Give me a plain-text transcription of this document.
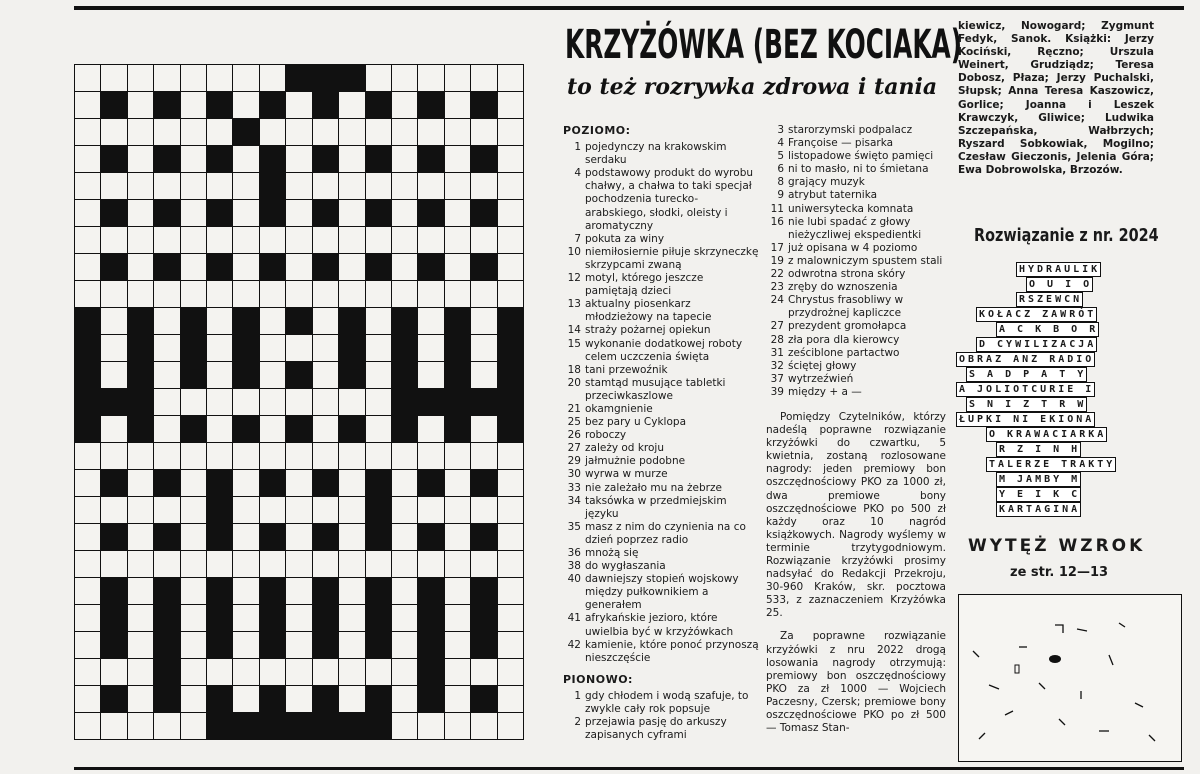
KRZYŻÓWKA (BEZ KOCIAKA)
to też rozrywka zdrowa i tania
POZIOMO:
1 pojedynczy na krakowskim serdaku
4 podstawowy produkt do wyrobu chałwy, a chałwa to taki specjał pochodzenia turecko-arabskiego, słodki, oleisty i aromatyczny
7 pokuta za winy
10 niemiłosiernie piłuje skrzyneczkę skrzypcami zwaną
12 motyl, którego jeszcze pamiętają dzieci
13 aktualny piosenkarz młodzieżowy na tapecie
14 straży pożarnej opiekun
15 wykonanie dodatkowej roboty celem uczczenia święta
18 tani przewoźnik
20 stamtąd musujące tabletki przeciwkaszlowe
21 okamgnienie
25 bez pary u Cyklopa
26 roboczy
27 zależy od kroju
29 jałmużnie podobne
30 wyrwa w murze
33 nie zależało mu na żebrze
34 taksówka w przedmiejskim języku
35 masz z nim do czynienia na co dzień poprzez radio
36 mnożą się
38 do wygłaszania
40 dawniejszy stopień wojskowy między pułkownikiem a generałem
41 afrykańskie jezioro, które uwielbia być w krzyżówkach
42 kamienie, które ponoć przynoszą nieszczęście
PIONOWO:
1 gdy chłodem i wodą szafuje, to zwykle cały rok popsuje
2 przejawia pasję do arkuszy zapisanych cyframi
3 starorzymski podpalacz
4 Françoise — pisarka
5 listopadowe święto pamięci
6 ni to masło, ni to śmietana
8 grający muzyk
9 atrybut taternika
11 uniwersytecka komnata
16 nie lubi spadać z głowy nieżyczliwej ekspedientki
17 już opisana w 4 poziomo
19 z malowniczym spustem stali
22 odwrotna strona skóry
23 zręby do wznoszenia
24 Chrystus frasobliwy w przydrożnej kapliczce
27 prezydent gromołapca
28 zła pora dla kierowcy
31 ześciblone partactwo
32 ściętej głowy
37 wytrzeźwień
39 między + a —

Pomiędzy Czytelników, którzy nadeślą poprawne rozwiązanie krzyżówki do czwartku, 5 kwietnia, zostaną rozlosowane nagrody: jeden premiowy bon oszczędnościowy PKO za 1000 zł, dwa premiowe bony oszczędnościowe PKO po 500 zł każdy oraz 10 nagród książkowych. Nagrody wyślemy w terminie trzytygodniowym. Rozwiązanie krzyżówki prosimy nadsyłać do Redakcji Przekroju, 30-960 Kraków, skr. pocztowa 533, z zaznaczeniem Krzyżówka 25.

Za poprawne rozwiązanie krzyżówki z nru 2022 drogą losowania nagrody otrzymują: premiowy bon oszczędnościowy PKO za zł 1000 — Wojciech Paczesny, Czersk; premiowe bony oszczędnościowe PKO po zł 500 — Tomasz Stan-

kiewicz, Nowogard; Zygmunt Fedyk, Sanok. Książki: Jerzy Kociński, Ręczno; Urszula Weinert, Grudziądz; Teresa Dobosz, Płaza; Jerzy Puchalski, Słupsk; Anna Teresa Kaszowicz, Gorlice; Joanna i Leszek Krawczyk, Gliwice; Ludwika Szczepańska, Wałbrzych; Ryszard Sobkowiak, Mogilno; Czesław Gieczonis, Jelenia Góra; Ewa Dobrowolska, Brzozów.

Rozwiązanie z nr. 2024
HYDRAULIK
O U I O
RSZEWCN
KOŁACZ ZAWRÓT
A C K B O R
D CYWILIZACJA
OBRAZ ANZ RADIO
S A D P A T Y
A JOLIOTCURIE I
S N I Z T R W
ŁUPKI NI EKIONA
O KRAWACIARKA
R Z I N H
TALERZE TRAKTY
M JAMBY M
Y E I K C
KARTAGINA
WYTĘŻ WZROK
ze str. 12—13
